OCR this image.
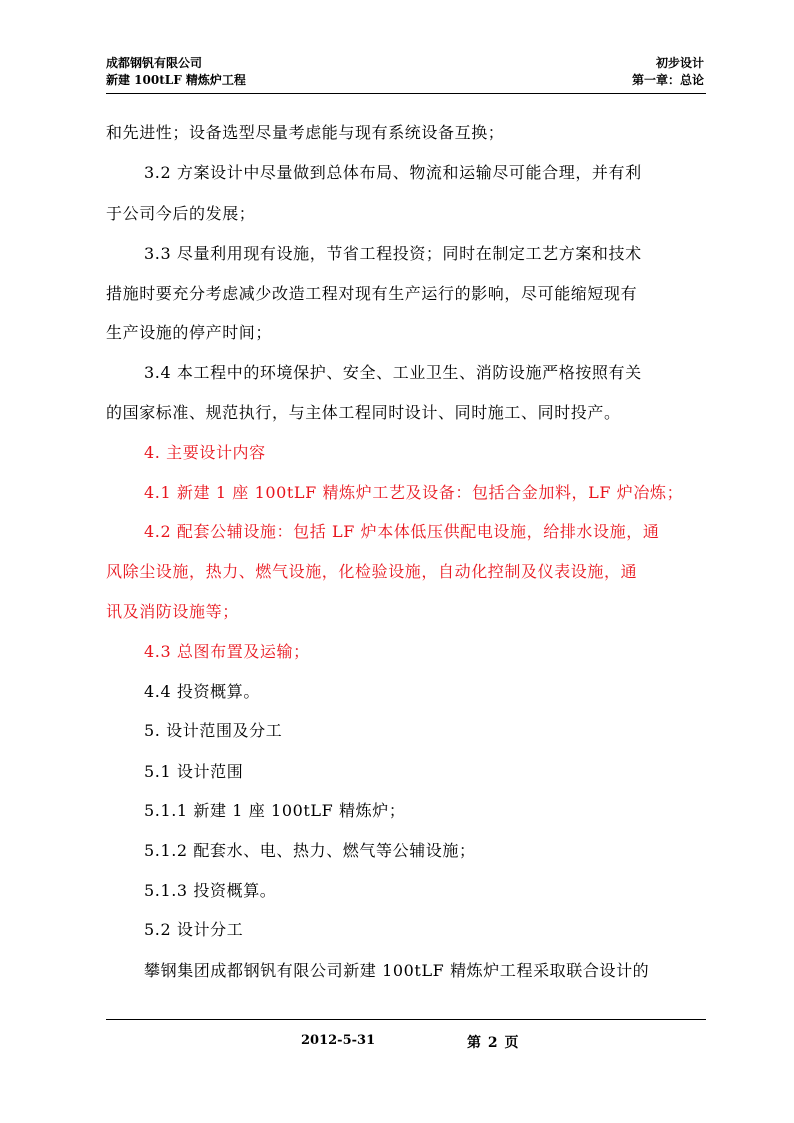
成都钢钒有限公司
新建 100tLF 精炼炉工程
初步设计
第一章：总论
和先进性；设备选型尽量考虑能与现有系统设备互换；
3.2 方案设计中尽量做到总体布局、物流和运输尽可能合理，并有利
于公司今后的发展；
3.3 尽量利用现有设施，节省工程投资；同时在制定工艺方案和技术
措施时要充分考虑减少改造工程对现有生产运行的影响，尽可能缩短现有
生产设施的停产时间；
3.4 本工程中的环境保护、安全、工业卫生、消防设施严格按照有关
的国家标准、规范执行，与主体工程同时设计、同时施工、同时投产。
4. 主要设计内容
4.1 新建 1 座 100tLF 精炼炉工艺及设备：包括合金加料，LF 炉冶炼；
4.2 配套公辅设施：包括 LF 炉本体低压供配电设施，给排水设施，通
风除尘设施，热力、燃气设施，化检验设施，自动化控制及仪表设施，通
讯及消防设施等；
4.3 总图布置及运输；
4.4 投资概算。
5. 设计范围及分工
5.1 设计范围
5.1.1 新建 1 座 100tLF 精炼炉；
5.1.2 配套水、电、热力、燃气等公辅设施；
5.1.3 投资概算。
5.2 设计分工
攀钢集团成都钢钒有限公司新建 100tLF 精炼炉工程采取联合设计的
2012-5-31	第 2 页
